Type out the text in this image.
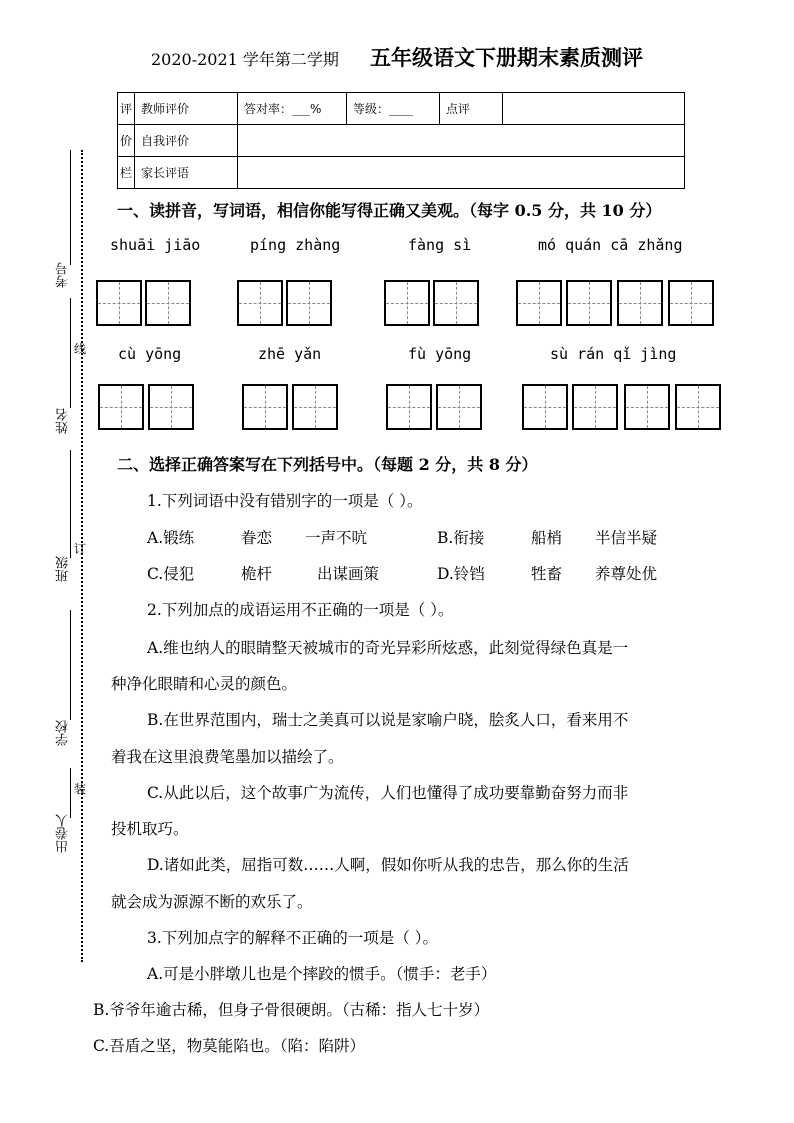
2020-2021 学年第二学期 五年级语文下册期末素质测评
评	教师评价	答对率：___%	等级：____	点评	
价	自我评价				
栏	家长评语				
考号
线
姓名
班级
订
学校
装
出卷人
一、读拼音，写词语，相信你能写得正确又美观。（每字 0.5 分，共 10 分）
shuāi jiāo	píng zhàng	fàng sì	mó quán cā zhǎng
cù yōng	zhē yǎn	fù yōng	sù rán qǐ jìng
二、选择正确答案写在下列括号中。（每题 2 分，共 8 分）
1.下列词语中没有错别字的一项是（ ）。
A.锻练	眷恋 一声不吭	B.衔接	船梢 半信半疑
C.侵犯	桅杆	出谋画策	D.铃铛	牲畜 养尊处优
2.下列加点的成语运用不正确的一项是（ ）。
A.维也纳人的眼睛整天被城市的奇光异彩所炫惑，此刻觉得绿色真是一
种净化眼睛和心灵的颜色。
B.在世界范围内，瑞士之美真可以说是家喻户晓，脍炙人口，看来用不
着我在这里浪费笔墨加以描绘了。
C.从此以后，这个故事广为流传，人们也懂得了成功要靠勤奋努力而非
投机取巧。
D.诸如此类，屈指可数……人啊，假如你听从我的忠告，那么你的生活
就会成为源源不断的欢乐了。
3.下列加点字的解释不正确的一项是（ ）。
A.可是小胖墩儿也是个摔跤的惯手。（惯手：老手）
B.爷爷年逾古稀，但身子骨很硬朗。（古稀：指人七十岁）
C.吾盾之坚，物莫能陷也。（陷：陷阱）
